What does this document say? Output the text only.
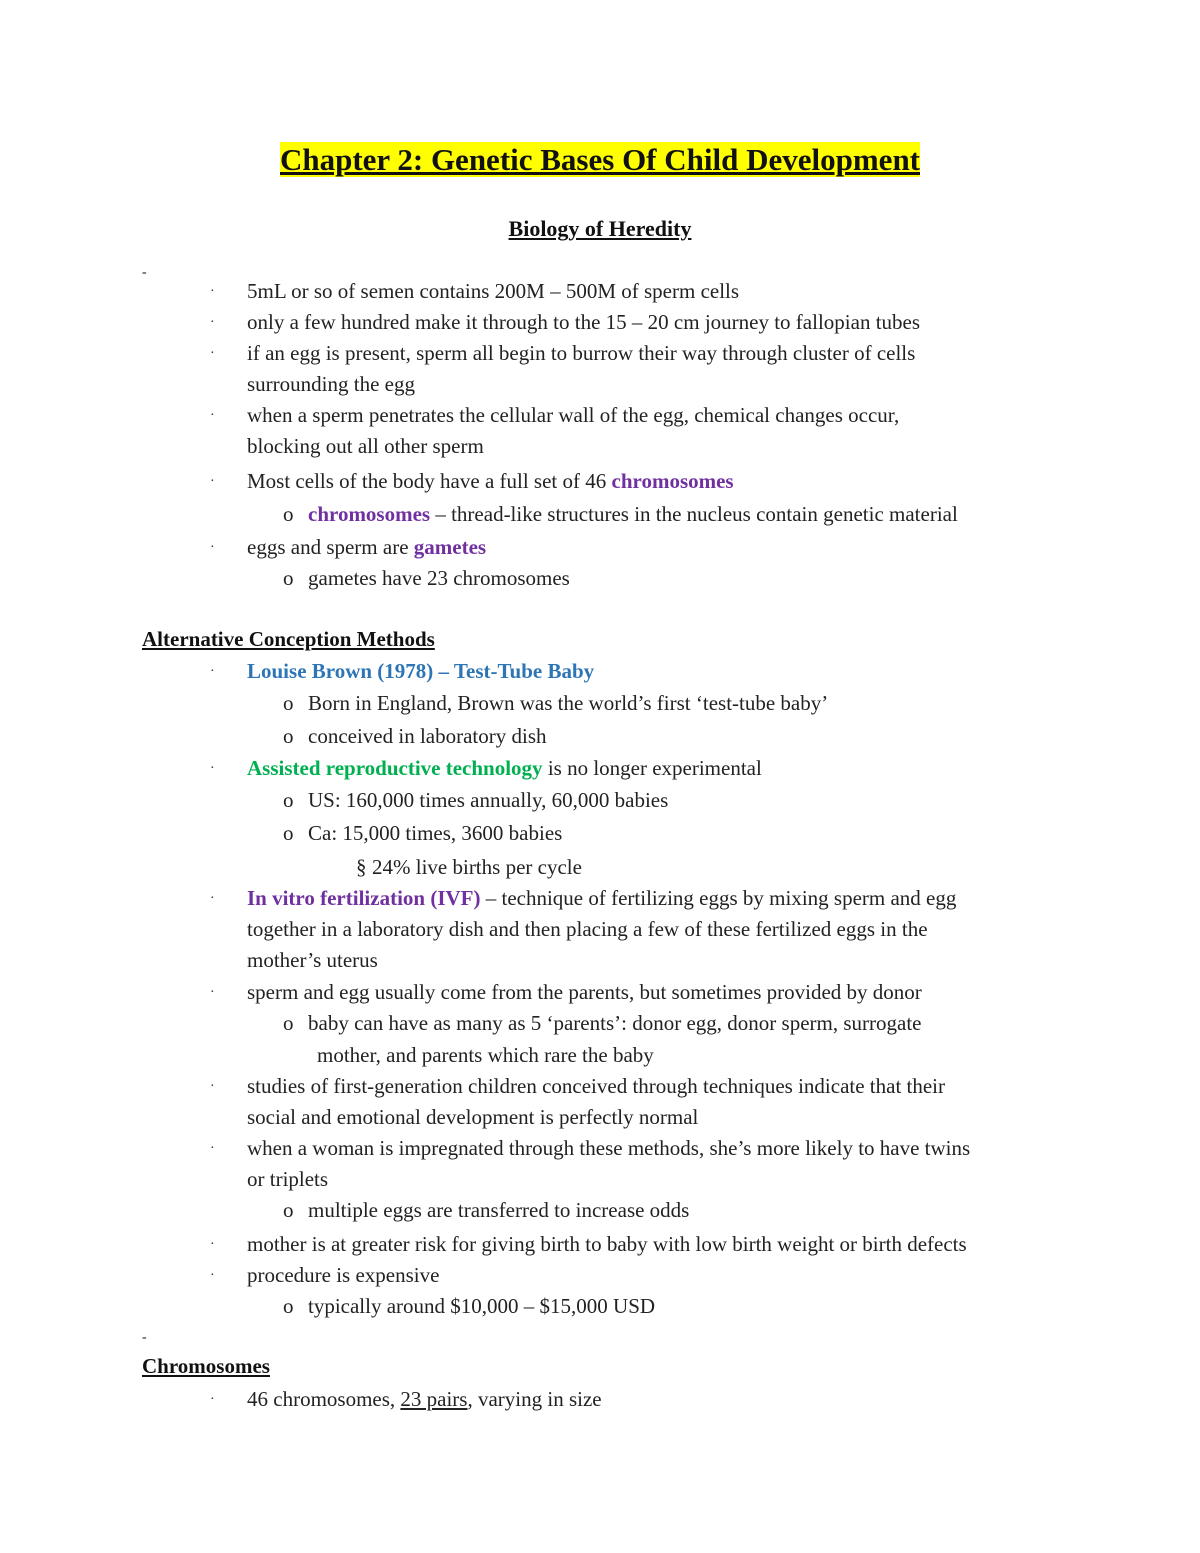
Chapter 2: Genetic Bases Of Child Development
Biology of Heredity
-
·	5mL or so of semen contains 200M – 500M of sperm cells
·	only a few hundred make it through to the 15 – 20 cm journey to fallopian tubes
·	if an egg is present, sperm all begin to burrow their way through cluster of cells
surrounding the egg
·	when a sperm penetrates the cellular wall of the egg, chemical changes occur,
blocking out all other sperm
·	Most cells of the body have a full set of 46 chromosomes
o chromosomes – thread-like structures in the nucleus contain genetic material
·	eggs and sperm are gametes
o gametes have 23 chromosomes
Alternative Conception Methods
·	Louise Brown (1978) – Test-Tube Baby
o Born in England, Brown was the world’s first ‘test-tube baby’
o conceived in laboratory dish
·	Assisted reproductive technology is no longer experimental
o US: 160,000 times annually, 60,000 babies
o Ca: 15,000 times, 3600 babies
§ 24% live births per cycle
·	In vitro fertilization (IVF) – technique of fertilizing eggs by mixing sperm and egg
together in a laboratory dish and then placing a few of these fertilized eggs in the
mother’s uterus
·	sperm and egg usually come from the parents, but sometimes provided by donor
o baby can have as many as 5 ‘parents’: donor egg, donor sperm, surrogate
mother, and parents which rare the baby
·	studies of first-generation children conceived through techniques indicate that their
social and emotional development is perfectly normal
·	when a woman is impregnated through these methods, she’s more likely to have twins
or triplets
o multiple eggs are transferred to increase odds
·	mother is at greater risk for giving birth to baby with low birth weight or birth defects
·	procedure is expensive
o typically around $10,000 – $15,000 USD
-
Chromosomes
·	46 chromosomes, 23 pairs, varying in size
